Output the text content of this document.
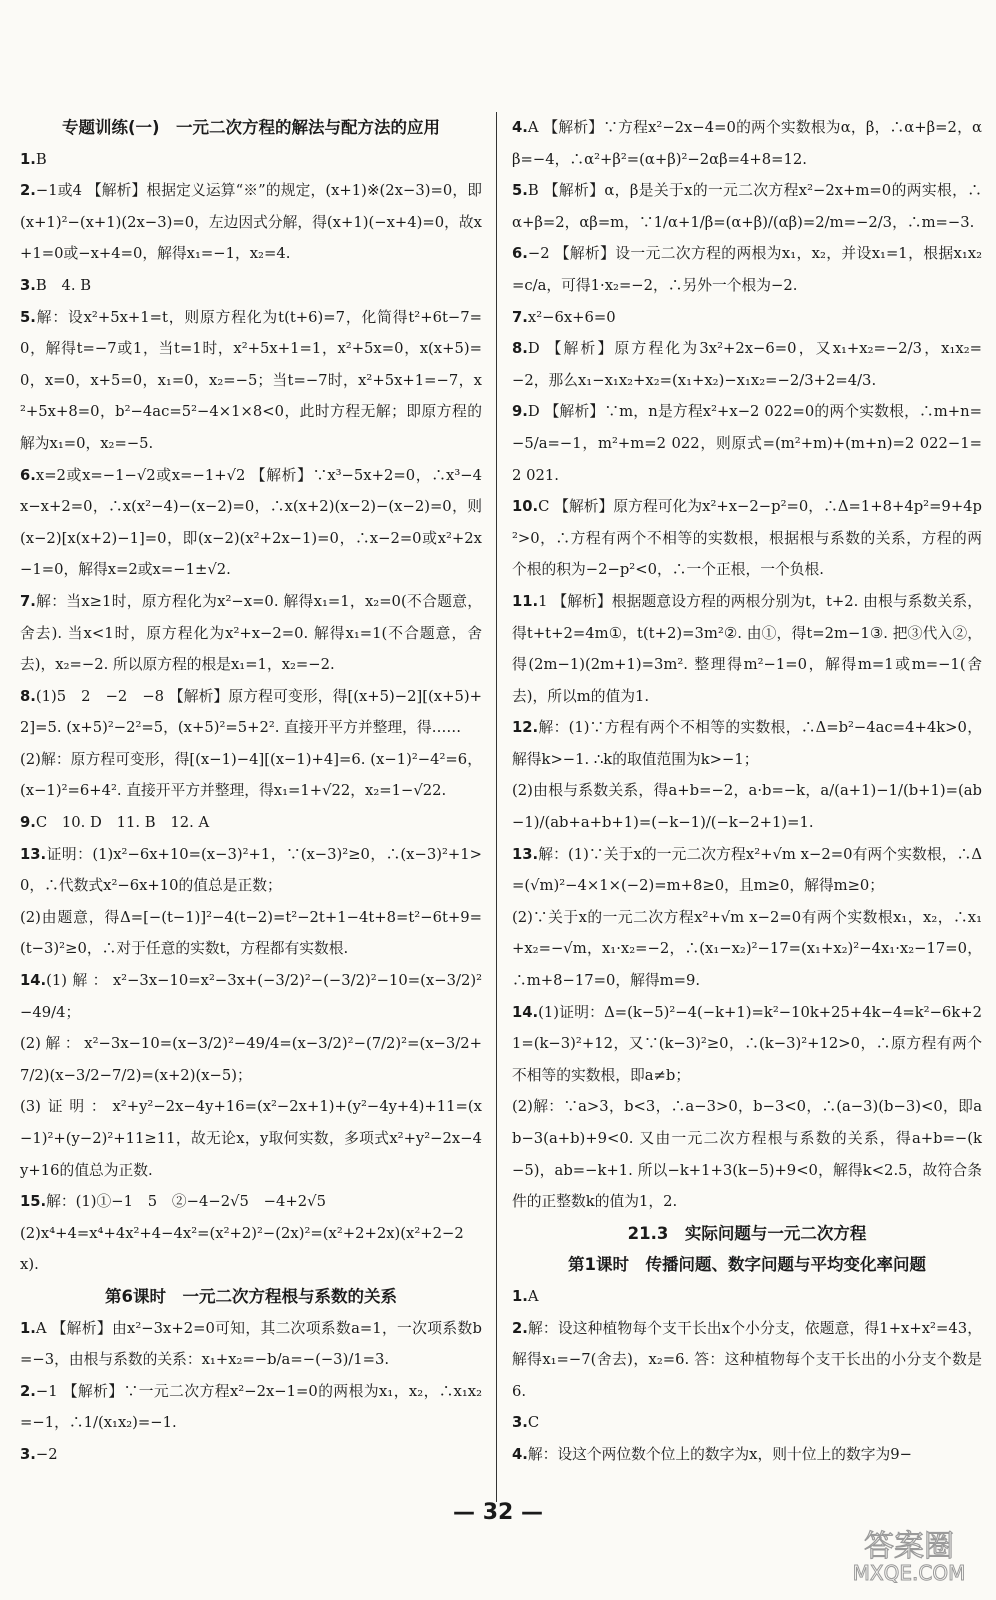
专题训练(一)　一元二次方程的解法与配方法的应用

1.B

2.−1或4 【解析】根据定义运算“※”的规定，(x+1)※(2x−3)=0，即(x+1)²−(x+1)(2x−3)=0，左边因式分解，得(x+1)(−x+4)=0，故x+1=0或−x+4=0，解得x₁=−1，x₂=4.

3.B　4. B

5.解：设x²+5x+1=t，则原方程化为t(t+6)=7，化简得t²+6t−7=0，解得t=−7或1，当t=1时，x²+5x+1=1，x²+5x=0，x(x+5)=0，x=0，x+5=0，x₁=0，x₂=−5；当t=−7时，x²+5x+1=−7，x²+5x+8=0，b²−4ac=5²−4×1×8<0，此时方程无解；即原方程的解为x₁=0，x₂=−5.

6.x=2或x=−1−√2或x=−1+√2 【解析】∵x³−5x+2=0，∴x³−4x−x+2=0，∴x(x²−4)−(x−2)=0，∴x(x+2)(x−2)−(x−2)=0，则(x−2)[x(x+2)−1]=0，即(x−2)(x²+2x−1)=0，∴x−2=0或x²+2x−1=0，解得x=2或x=−1±√2.

7.解：当x≥1时，原方程化为x²−x=0. 解得x₁=1，x₂=0(不合题意，舍去). 当x<1时，原方程化为x²+x−2=0. 解得x₁=1(不合题意，舍去)，x₂=−2. 所以原方程的根是x₁=1，x₂=−2.

8.(1)5　2　−2　−8 【解析】原方程可变形，得[(x+5)−2][(x+5)+2]=5. (x+5)²−2²=5，(x+5)²=5+2². 直接开平方并整理，得……

(2)解：原方程可变形，得[(x−1)−4][(x−1)+4]=6. (x−1)²−4²=6，(x−1)²=6+4². 直接开平方并整理，得x₁=1+√22，x₂=1−√22.

9.C　10. D　11. B　12. A

13.证明：(1)x²−6x+10=(x−3)²+1，∵(x−3)²≥0，∴(x−3)²+1>0，∴代数式x²−6x+10的值总是正数；

(2)由题意，得Δ=[−(t−1)]²−4(t−2)=t²−2t+1−4t+8=t²−6t+9=(t−3)²≥0，∴对于任意的实数t，方程都有实数根.

14.(1)解：x²−3x−10=x²−3x+(−3/2)²−(−3/2)²−10=(x−3/2)²−49/4；

(2)解：x²−3x−10=(x−3/2)²−49/4=(x−3/2)²−(7/2)²=(x−3/2+7/2)(x−3/2−7/2)=(x+2)(x−5)；

(3)证明：x²+y²−2x−4y+16=(x²−2x+1)+(y²−4y+4)+11=(x−1)²+(y−2)²+11≥11，故无论x，y取何实数，多项式x²+y²−2x−4y+16的值总为正数.

15.解：(1)①−1　5　②−4−2√5　−4+2√5

(2)x⁴+4=x⁴+4x²+4−4x²=(x²+2)²−(2x)²=(x²+2+2x)(x²+2−2x).

第6课时　一元二次方程根与系数的关系

1.A 【解析】由x²−3x+2=0可知，其二次项系数a=1，一次项系数b=−3，由根与系数的关系：x₁+x₂=−b/a=−(−3)/1=3.

2.−1 【解析】∵一元二次方程x²−2x−1=0的两根为x₁，x₂，∴x₁x₂=−1，∴1/(x₁x₂)=−1.

3.−2

4.A 【解析】∵方程x²−2x−4=0的两个实数根为α，β，∴α+β=2，αβ=−4，∴α²+β²=(α+β)²−2αβ=4+8=12.

5.B 【解析】α，β是关于x的一元二次方程x²−2x+m=0的两实根，∴α+β=2，αβ=m，∵1/α+1/β=(α+β)/(αβ)=2/m=−2/3，∴m=−3.

6.−2 【解析】设一元二次方程的两根为x₁，x₂，并设x₁=1，根据x₁x₂=c/a，可得1·x₂=−2，∴另外一个根为−2.

7.x²−6x+6=0

8.D 【解析】原方程化为3x²+2x−6=0，又x₁+x₂=−2/3，x₁x₂=−2，那么x₁−x₁x₂+x₂=(x₁+x₂)−x₁x₂=−2/3+2=4/3.

9.D 【解析】∵m，n是方程x²+x−2 022=0的两个实数根，∴m+n=−5/a=−1，m²+m=2 022，则原式=(m²+m)+(m+n)=2 022−1=2 021.

10.C 【解析】原方程可化为x²+x−2−p²=0，∴Δ=1+8+4p²=9+4p²>0，∴方程有两个不相等的实数根，根据根与系数的关系，方程的两个根的积为−2−p²<0，∴一个正根，一个负根.

11.1 【解析】根据题意设方程的两根分别为t，t+2. 由根与系数关系，得t+t+2=4m①，t(t+2)=3m²②. 由①，得t=2m−1③. 把③代入②，得(2m−1)(2m+1)=3m². 整理得m²−1=0，解得m=1或m=−1(舍去)，所以m的值为1.

12.解：(1)∵方程有两个不相等的实数根，∴Δ=b²−4ac=4+4k>0，解得k>−1. ∴k的取值范围为k>−1；

(2)由根与系数关系，得a+b=−2，a·b=−k，a/(a+1)−1/(b+1)=(ab−1)/(ab+a+b+1)=(−k−1)/(−k−2+1)=1.

13.解：(1)∵关于x的一元二次方程x²+√m x−2=0有两个实数根，∴Δ=(√m)²−4×1×(−2)=m+8≥0，且m≥0，解得m≥0；

(2)∵关于x的一元二次方程x²+√m x−2=0有两个实数根x₁，x₂，∴x₁+x₂=−√m，x₁·x₂=−2，∴(x₁−x₂)²−17=(x₁+x₂)²−4x₁·x₂−17=0，∴m+8−17=0，解得m=9.

14.(1)证明：Δ=(k−5)²−4(−k+1)=k²−10k+25+4k−4=k²−6k+21=(k−3)²+12，又∵(k−3)²≥0，∴(k−3)²+12>0，∴原方程有两个不相等的实数根，即a≠b；

(2)解：∵a>3，b<3，∴a−3>0，b−3<0，∴(a−3)(b−3)<0，即ab−3(a+b)+9<0. 又由一元二次方程根与系数的关系，得a+b=−(k−5)，ab=−k+1. 所以−k+1+3(k−5)+9<0，解得k<2.5，故符合条件的正整数k的值为1，2.

21.3　实际问题与一元二次方程
第1课时　传播问题、数字问题与平均变化率问题

1.A

2.解：设这种植物每个支干长出x个小分支，依题意，得1+x+x²=43，解得x₁=−7(舍去)，x₂=6. 答：这种植物每个支干长出的小分支个数是6.

3.C

4.解：设这个两位数个位上的数字为x，则十位上的数字为9−

— 32 —
答案圈
MXQE.COM
